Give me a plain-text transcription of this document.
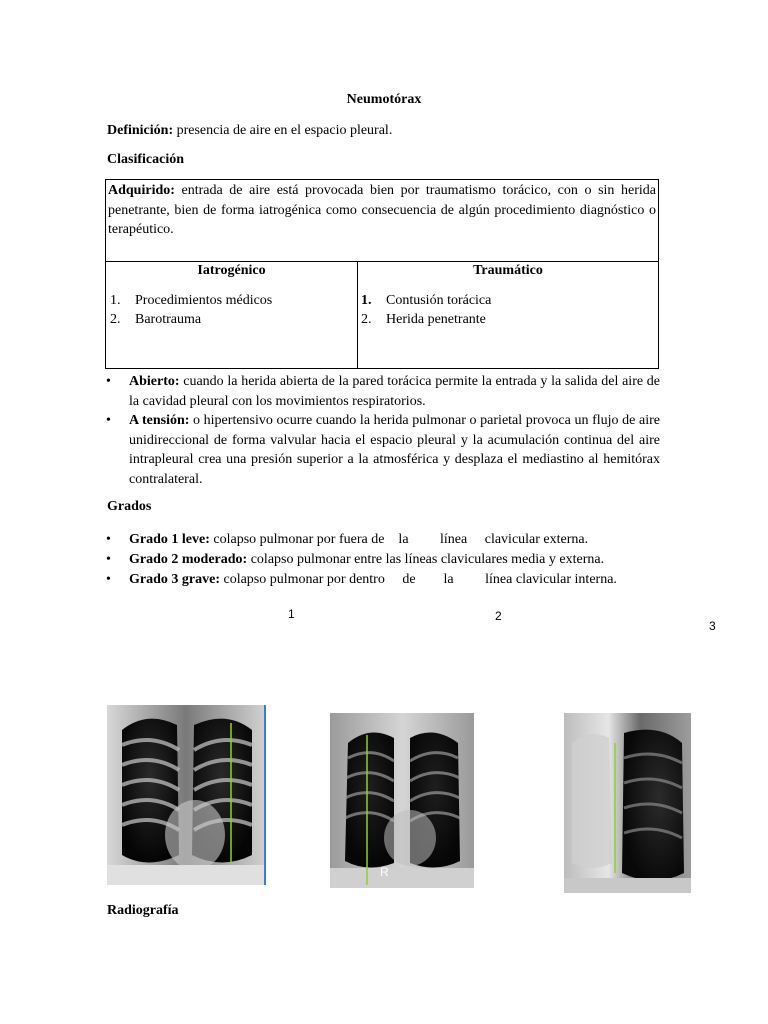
Neumotórax
Definición: presencia de aire en el espacio pleural.
Clasificación
Adquirido: entrada de aire está provocada bien por traumatismo torácico, con o sin herida penetrante, bien de forma iatrogénica como consecuencia de algún procedimiento diagnóstico o terapéutico.
Iatrogénico
1.	Procedimientos médicos
2.	Barotrauma
Traumático
1.	Contusión torácica
2.	Herida penetrante
• Abierto: cuando la herida abierta de la pared torácica permite la entrada y la salida del aire de la cavidad pleural con los movimientos respiratorios.
• A tensión: o hipertensivo ocurre cuando la herida pulmonar o parietal provoca un flujo de aire unidireccional de forma valvular hacia el espacio pleural y la acumulación continua del aire intrapleural crea una presión superior a la atmosférica y desplaza el mediastino al hemitórax contralateral.
Grados
• Grado 1 leve: colapso pulmonar por fuera de    la         línea     clavicular externa.
• Grado 2 moderado: colapso pulmonar entre las líneas claviculares media y externa.
• Grado 3 grave: colapso pulmonar por dentro     de        la         línea clavicular interna.
1	2
3
R
Radiografía
